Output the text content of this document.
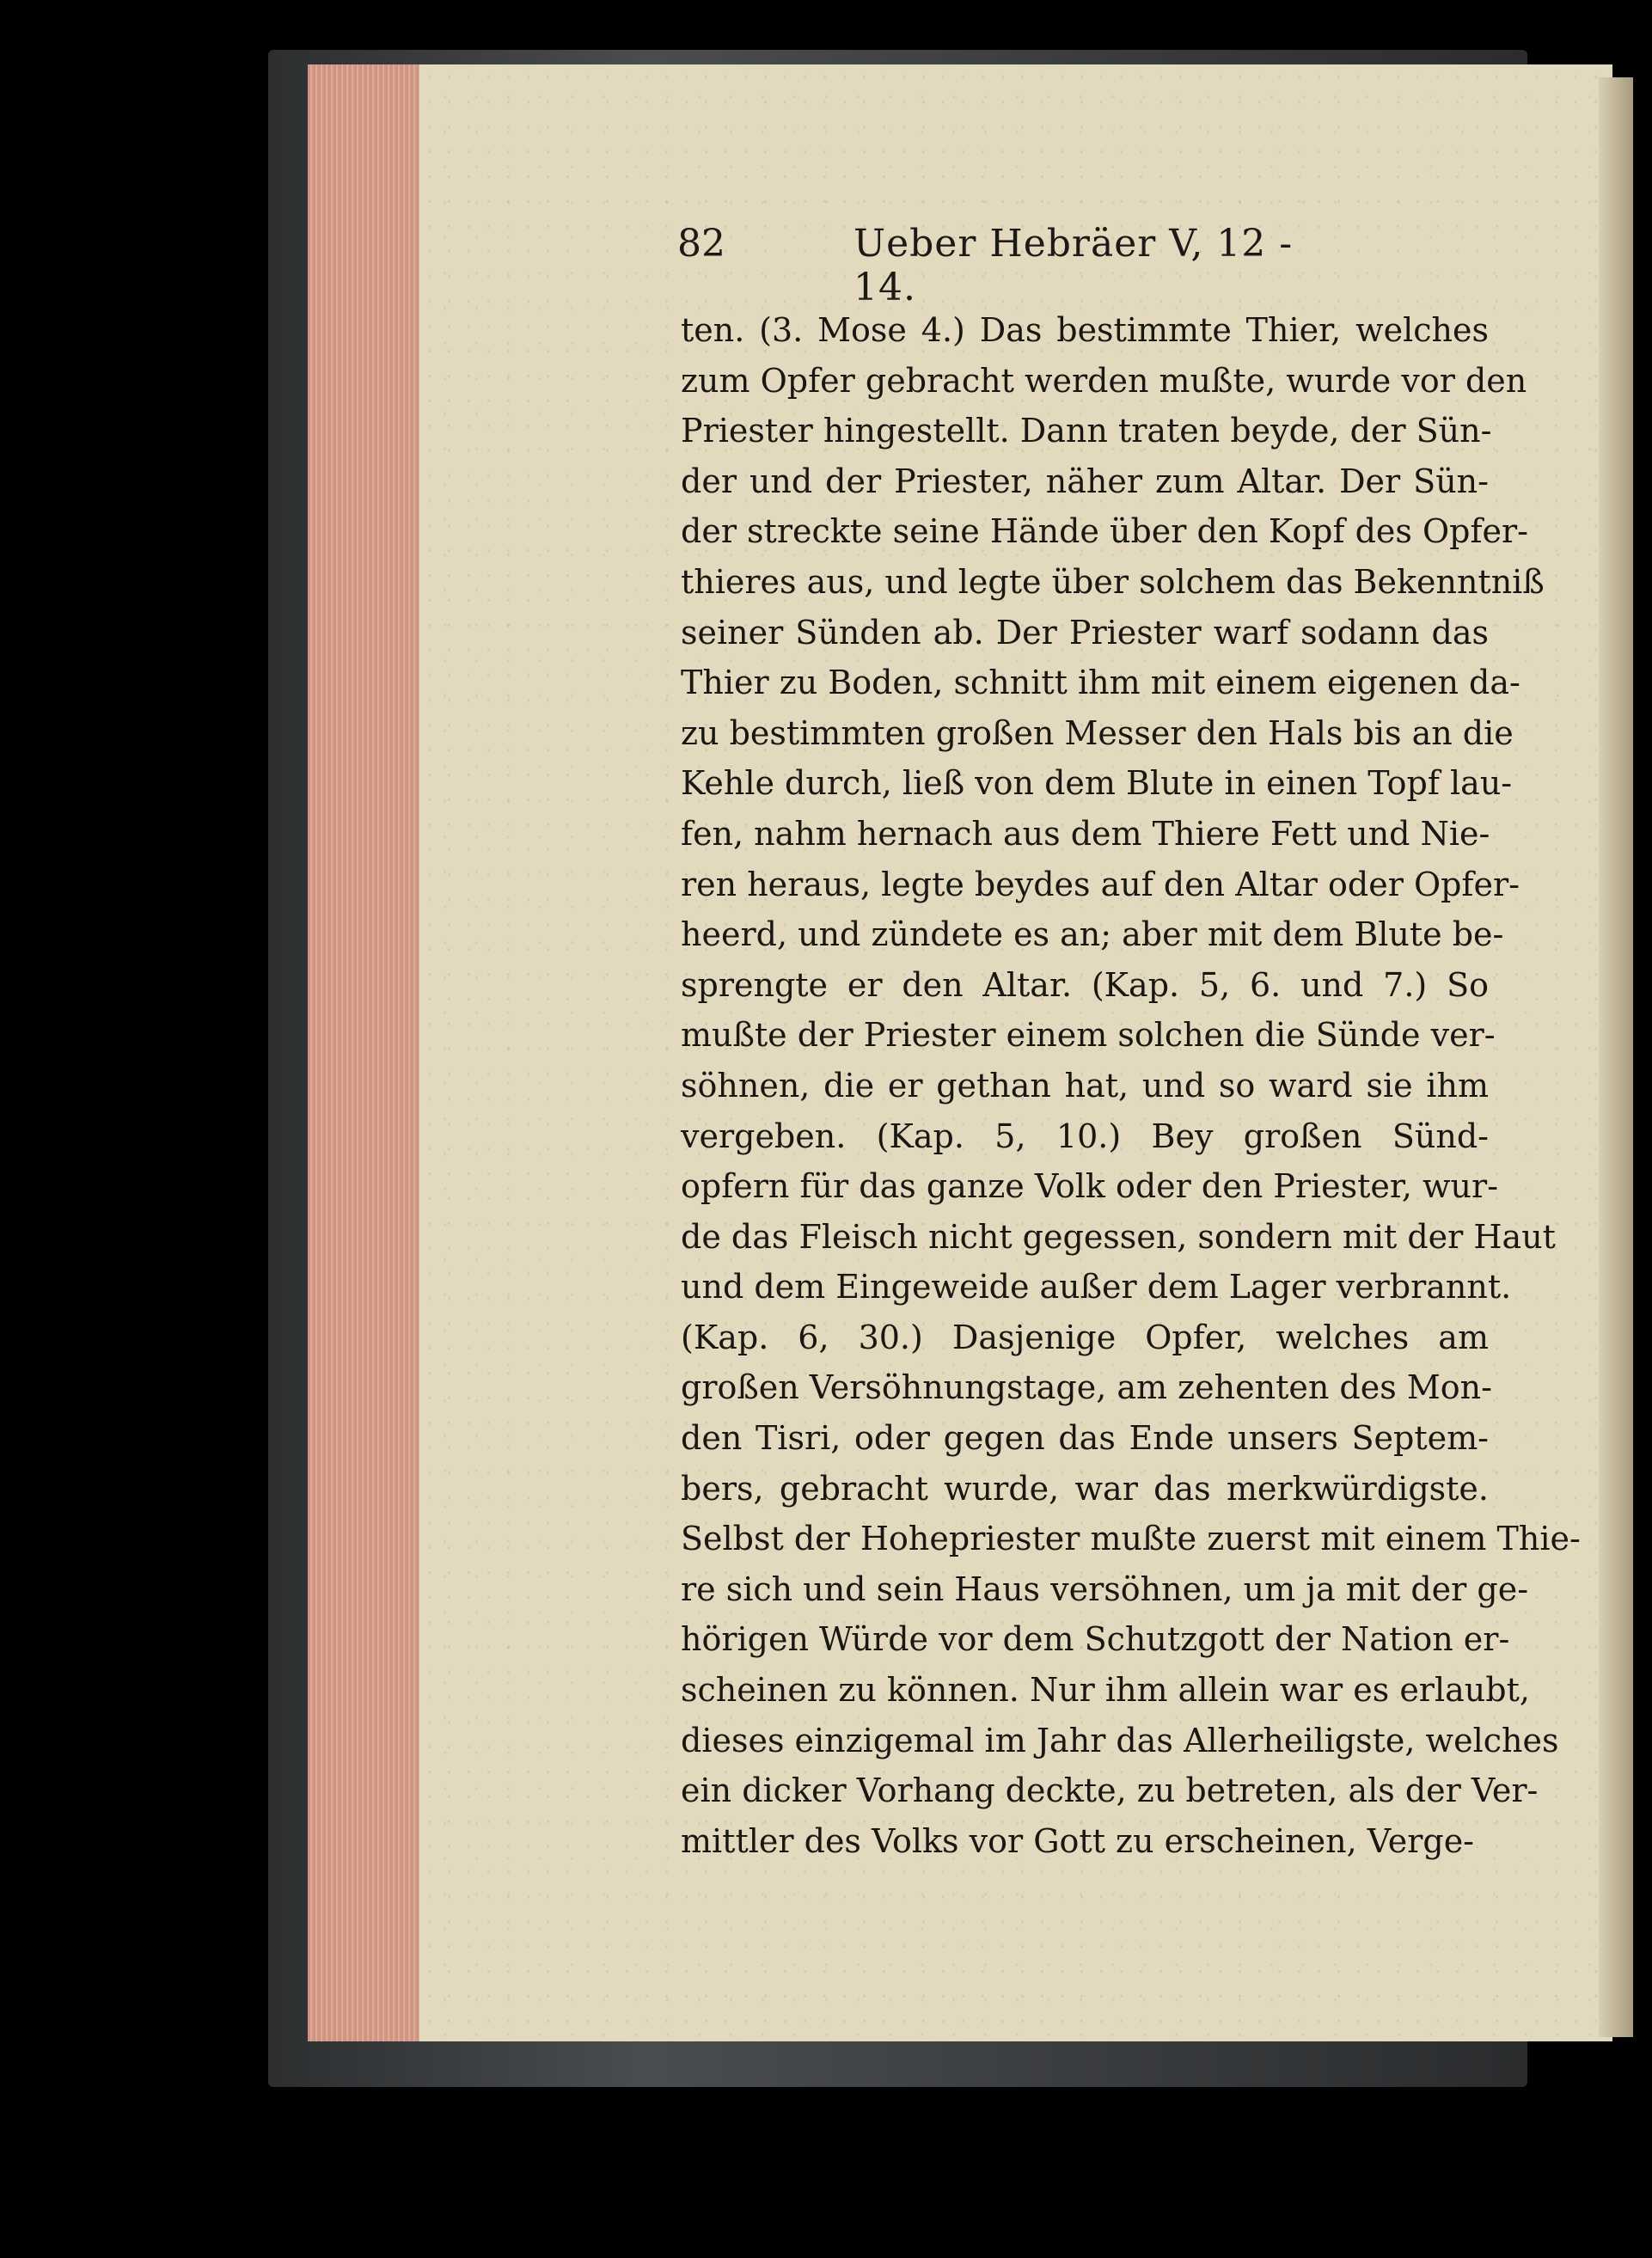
82	Ueber Hebräer V, 12 - 14.
ten. (3. Mose 4.) Das bestimmte Thier, welches
zum Opfer gebracht werden mußte, wurde vor den
Priester hingestellt. Dann traten beyde, der Sün-
der und der Priester, näher zum Altar. Der Sün-
der streckte seine Hände über den Kopf des Opfer-
thieres aus, und legte über solchem das Bekenntniß
seiner Sünden ab. Der Priester warf sodann das
Thier zu Boden, schnitt ihm mit einem eigenen da-
zu bestimmten großen Messer den Hals bis an die
Kehle durch, ließ von dem Blute in einen Topf lau-
fen, nahm hernach aus dem Thiere Fett und Nie-
ren heraus, legte beydes auf den Altar oder Opfer-
heerd, und zündete es an; aber mit dem Blute be-
sprengte er den Altar. (Kap. 5, 6. und 7.) So
mußte der Priester einem solchen die Sünde ver-
söhnen, die er gethan hat, und so ward sie ihm
vergeben. (Kap. 5, 10.) Bey großen Sünd-
opfern für das ganze Volk oder den Priester, wur-
de das Fleisch nicht gegessen, sondern mit der Haut
und dem Eingeweide außer dem Lager verbrannt.
(Kap. 6, 30.) Dasjenige Opfer, welches am
großen Versöhnungstage, am zehenten des Mon-
den Tisri, oder gegen das Ende unsers Septem-
bers, gebracht wurde, war das merkwürdigste.
Selbst der Hohepriester mußte zuerst mit einem Thie-
re sich und sein Haus versöhnen, um ja mit der ge-
hörigen Würde vor dem Schutzgott der Nation er-
scheinen zu können. Nur ihm allein war es erlaubt,
dieses einzigemal im Jahr das Allerheiligste, welches
ein dicker Vorhang deckte, zu betreten, als der Ver-
mittler des Volks vor Gott zu erscheinen, Verge-
